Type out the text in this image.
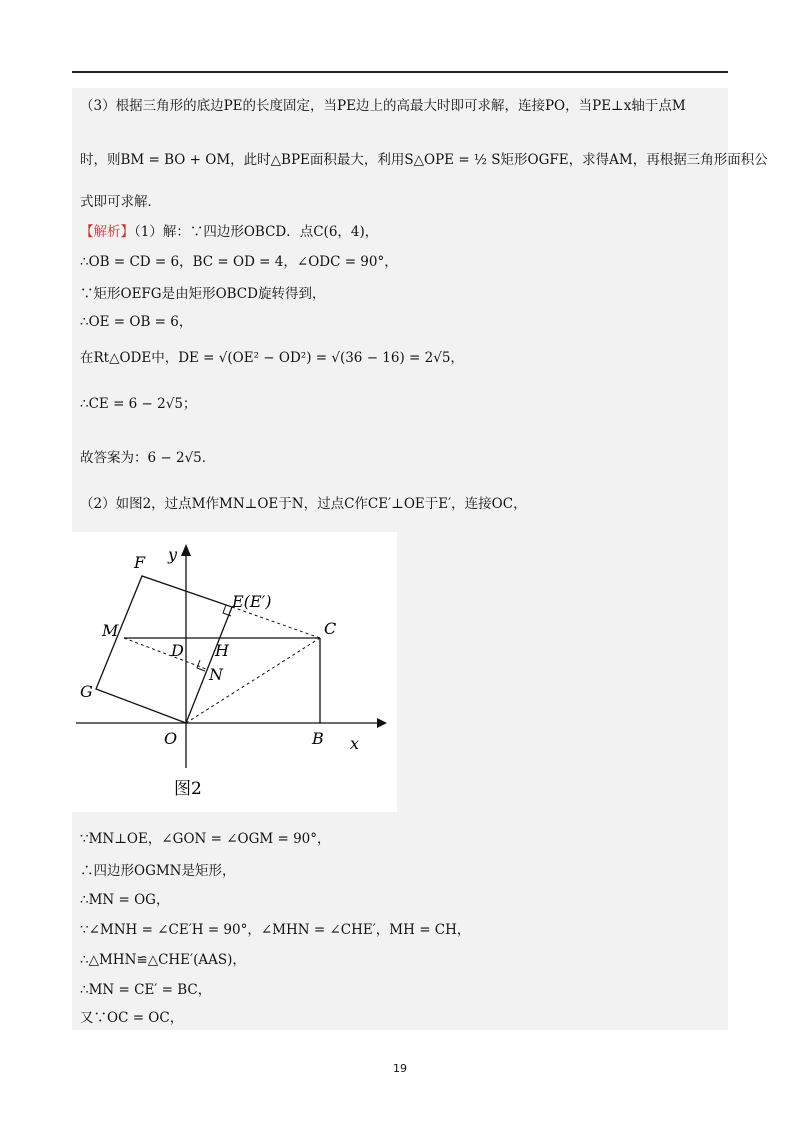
（3）根据三角形的底边PE的长度固定，当PE边上的高最大时即可求解，连接PO，当PE⊥x轴于点M
时，则BM = BO + OM，此时△BPE面积最大，利用S△OPE = ½ S矩形OGFE，求得AM，再根据三角形面积公
式即可求解．
【解析】（1）解：∵四边形OBCD．点C(6，4)，
∴OB = CD = 6，BC = OD = 4，∠ODC = 90°，
∵矩形OEFG是由矩形OBCD旋转得到，
∴OE = OB = 6，
在Rt△ODE中，DE = √(OE² − OD²) = √(36 − 16) = 2√5，
∴CE = 6 − 2√5；
故答案为：6 − 2√5．
（2）如图2，过点M作MN⊥OE于N，过点C作CE′⊥OE于E′，连接OC，
F y
E(E′)
M	C
D H
N
G
O	B x
图2
∵MN⊥OE，∠GON = ∠OGM = 90°，
∴四边形OGMN是矩形，
∴MN = OG，
∵∠MNH = ∠CE′H = 90°，∠MHN = ∠CHE′，MH = CH，
∴△MHN≌△CHE′(AAS)，
∴MN = CE′ = BC，
又∵OC = OC，
19
